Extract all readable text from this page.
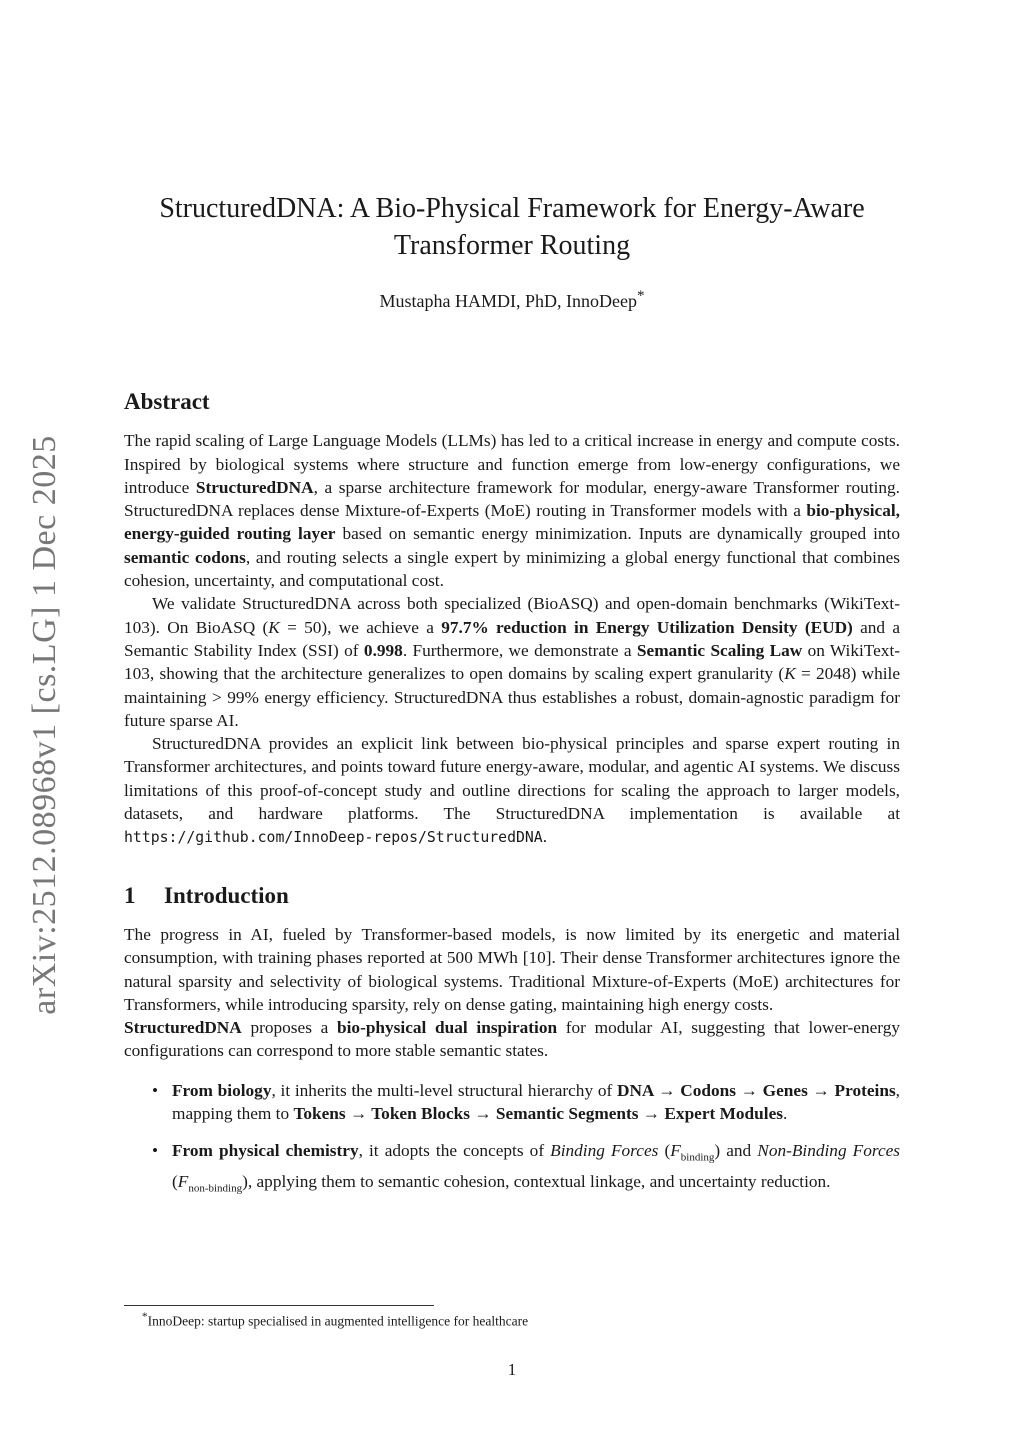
arXiv:2512.08968v1 [cs.LG] 1 Dec 2025
StructuredDNA: A Bio-Physical Framework for Energy-Aware
Transformer Routing
Mustapha HAMDI, PhD, InnoDeep*
Abstract

The rapid scaling of Large Language Models (LLMs) has led to a critical increase in energy and compute costs. Inspired by biological systems where structure and function emerge from low-energy configurations, we introduce StructuredDNA, a sparse architecture framework for modular, energy-aware Transformer routing. StructuredDNA replaces dense Mixture-of-Experts (MoE) routing in Transformer models with a bio-physical, energy-guided routing layer based on semantic energy minimization. Inputs are dynamically grouped into semantic codons, and routing selects a single expert by minimizing a global energy functional that combines cohesion, uncertainty, and computational cost.

We validate StructuredDNA across both specialized (BioASQ) and open-domain benchmarks (WikiText-103). On BioASQ (K = 50), we achieve a 97.7% reduction in Energy Utilization Density (EUD) and a Semantic Stability Index (SSI) of 0.998. Furthermore, we demonstrate a Semantic Scaling Law on WikiText-103, showing that the architecture generalizes to open domains by scaling expert granularity (K = 2048) while maintaining > 99% energy efficiency. StructuredDNA thus establishes a robust, domain-agnostic paradigm for future sparse AI.

StructuredDNA provides an explicit link between bio-physical principles and sparse expert routing in Transformer architectures, and points toward future energy-aware, modular, and agentic AI systems. We discuss limitations of this proof-of-concept study and outline directions for scaling the approach to larger models, datasets, and hardware platforms. The StructuredDNA implementation is available at https://github.com/InnoDeep-repos/StructuredDNA.

1 Introduction

The progress in AI, fueled by Transformer-based models, is now limited by its energetic and material consumption, with training phases reported at 500 MWh [10]. Their dense Transformer architectures ignore the natural sparsity and selectivity of biological systems. Traditional Mixture-of-Experts (MoE) architectures for Transformers, while introducing sparsity, rely on dense gating, maintaining high energy costs.

StructuredDNA proposes a bio-physical dual inspiration for modular AI, suggesting that lower-energy configurations can correspond to more stable semantic states.

• From biology, it inherits the multi-level structural hierarchy of DNA → Codons → Genes → Proteins, mapping them to Tokens → Token Blocks → Semantic Segments → Expert Modules.
• From physical chemistry, it adopts the concepts of Binding Forces $(F_{binding})$ and Non-Binding Forces $(F_{non-binding})$, applying them to semantic cohesion, contextual linkage, and uncertainty reduction.
*InnoDeep: startup specialised in augmented intelligence for healthcare
1
